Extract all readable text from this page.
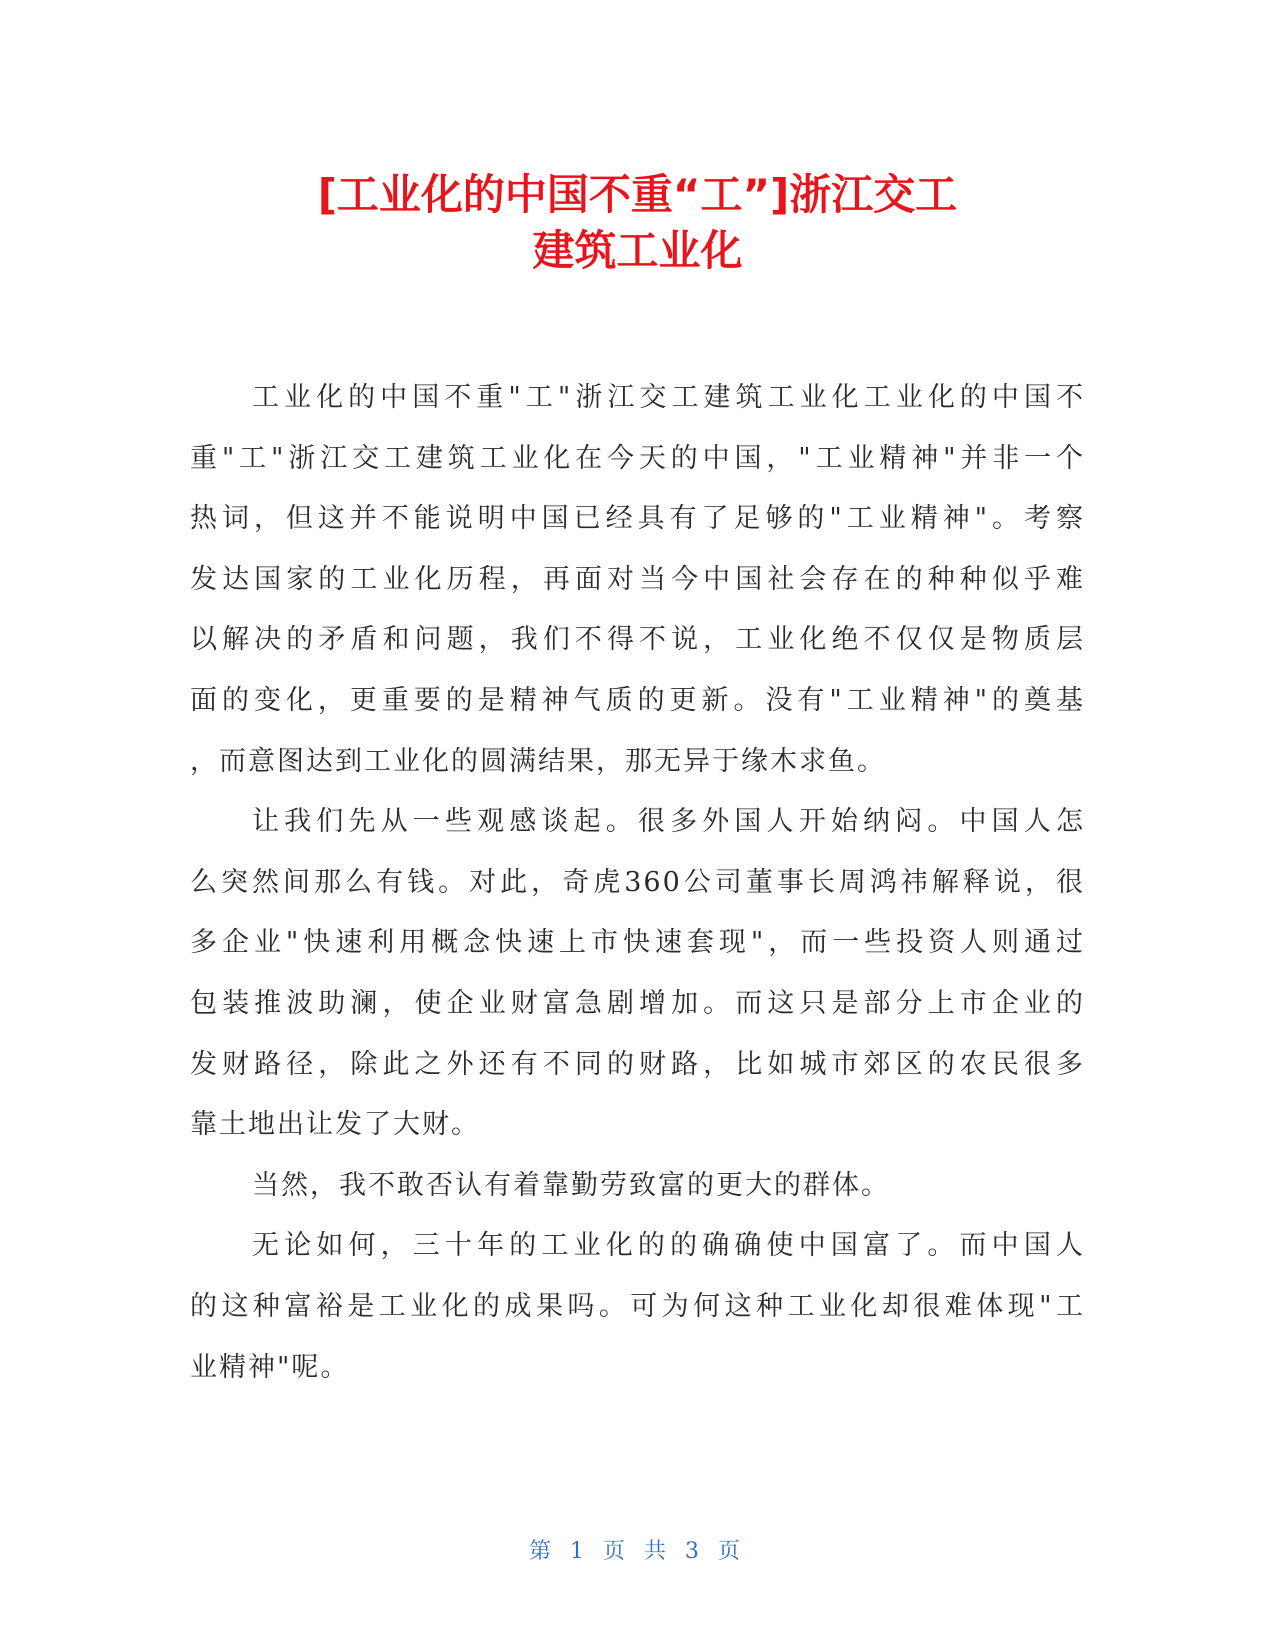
[工业化的中国不重“工”]浙江交工
建筑工业化
工业化的中国不重"工"浙江交工建筑工业化工业化的中国不
重"工"浙江交工建筑工业化在今天的中国，"工业精神"并非一个
热词，但这并不能说明中国已经具有了足够的"工业精神"。考察
发达国家的工业化历程，再面对当今中国社会存在的种种似乎难
以解决的矛盾和问题，我们不得不说，工业化绝不仅仅是物质层
面的变化，更重要的是精神气质的更新。没有"工业精神"的奠基
，而意图达到工业化的圆满结果，那无异于缘木求鱼。
让我们先从一些观感谈起。很多外国人开始纳闷。中国人怎
么突然间那么有钱。对此，奇虎360公司董事长周鸿祎解释说，很
多企业"快速利用概念快速上市快速套现"，而一些投资人则通过
包装推波助澜，使企业财富急剧增加。而这只是部分上市企业的
发财路径，除此之外还有不同的财路，比如城市郊区的农民很多
靠土地出让发了大财。
当然，我不敢否认有着靠勤劳致富的更大的群体。
无论如何，三十年的工业化的的确确使中国富了。而中国人
的这种富裕是工业化的成果吗。可为何这种工业化却很难体现"工
业精神"呢。
第 1 页 共 3 页
